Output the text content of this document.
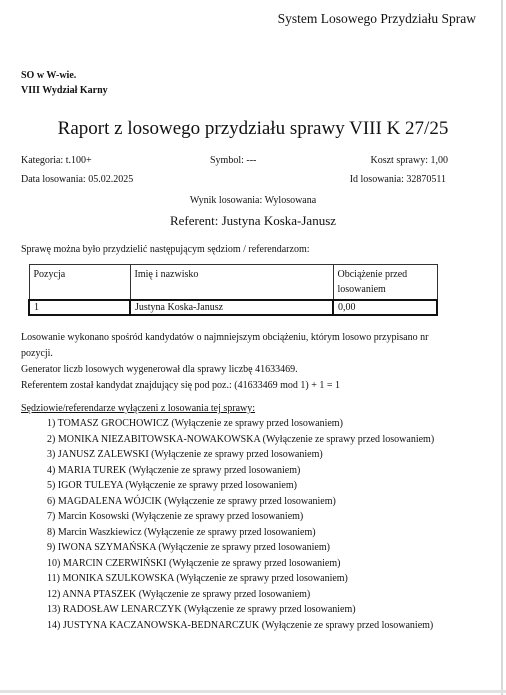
System Losowego Przydziału Spraw
SO w W-wie.
VIII Wydział Karny
Raport z losowego przydziału sprawy VIII K 27/25
Kategoria: t.100+	Symbol: ---	Koszt sprawy: 1,00
Data losowania: 05.02.2025	Id losowania: 32870511
Wynik losowania: Wylosowana
Referent: Justyna Koska-Janusz
Sprawę można było przydzielić następującym sędziom / referendarzom:
Pozycja	Imię i nazwisko	Obciążenie przed losowaniem
1	Justyna Koska-Janusz	0,00
Losowanie wykonano spośród kandydatów o najmniejszym obciążeniu, którym losowo przypisano nr
pozycji.
Generator liczb losowych wygenerował dla sprawy liczbę 41633469.
Referentem został kandydat znajdujący się pod poz.: (41633469 mod 1) + 1 = 1
Sędziowie/referendarze wyłączeni z losowania tej sprawy:
1) TOMASZ GROCHOWICZ (Wyłączenie ze sprawy przed losowaniem)
2) MONIKA NIEZABITOWSKA-NOWAKOWSKA (Wyłączenie ze sprawy przed losowaniem)
3) JANUSZ ZALEWSKI (Wyłączenie ze sprawy przed losowaniem)
4) MARIA TUREK (Wyłączenie ze sprawy przed losowaniem)
5) IGOR TULEYA (Wyłączenie ze sprawy przed losowaniem)
6) MAGDALENA WÓJCIK (Wyłączenie ze sprawy przed losowaniem)
7) Marcin Kosowski (Wyłączenie ze sprawy przed losowaniem)
8) Marcin Waszkiewicz (Wyłączenie ze sprawy przed losowaniem)
9) IWONA SZYMAŃSKA (Wyłączenie ze sprawy przed losowaniem)
10) MARCIN CZERWIŃSKI (Wyłączenie ze sprawy przed losowaniem)
11) MONIKA SZULKOWSKA (Wyłączenie ze sprawy przed losowaniem)
12) ANNA PTASZEK (Wyłączenie ze sprawy przed losowaniem)
13) RADOSŁAW LENARCZYK (Wyłączenie ze sprawy przed losowaniem)
14) JUSTYNA KACZANOWSKA-BEDNARCZUK (Wyłączenie ze sprawy przed losowaniem)
